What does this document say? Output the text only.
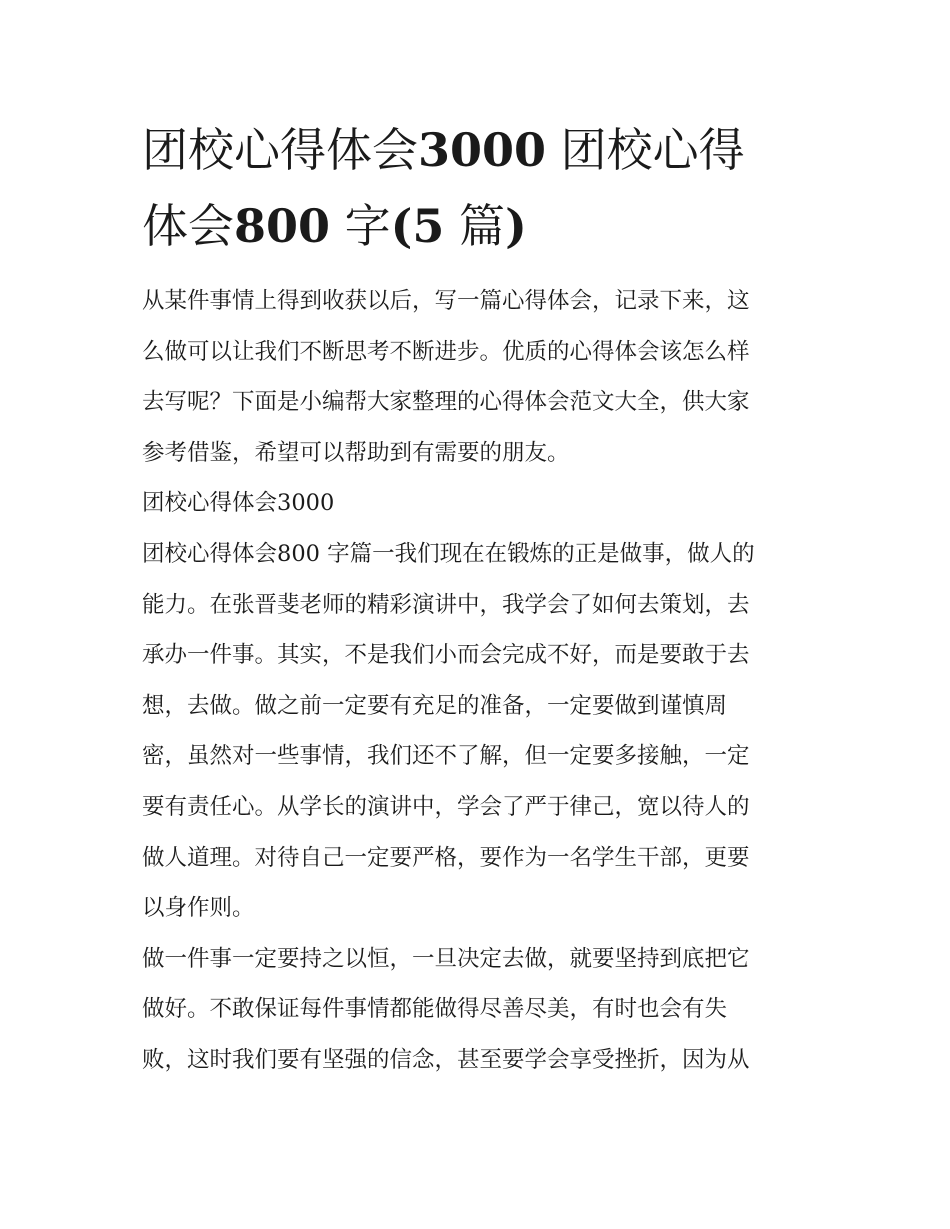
团校心得体会3000 团校心得

体会800 字(5 篇)

从某件事情上得到收获以后，写一篇心得体会，记录下来，这

么做可以让我们不断思考不断进步。优质的心得体会该怎么样

去写呢？下面是小编帮大家整理的心得体会范文大全，供大家

参考借鉴，希望可以帮助到有需要的朋友。

团校心得体会3000

团校心得体会800 字篇一我们现在在锻炼的正是做事，做人的

能力。在张晋斐老师的精彩演讲中，我学会了如何去策划，去

承办一件事。其实，不是我们小而会完成不好，而是要敢于去

想，去做。做之前一定要有充足的准备，一定要做到谨慎周

密，虽然对一些事情，我们还不了解，但一定要多接触，一定

要有责任心。从学长的演讲中，学会了严于律己，宽以待人的

做人道理。对待自己一定要严格，要作为一名学生干部，更要

以身作则。

做一件事一定要持之以恒，一旦决定去做，就要坚持到底把它

做好。不敢保证每件事情都能做得尽善尽美，有时也会有失

败，这时我们要有坚强的信念，甚至要学会享受挫折，因为从
